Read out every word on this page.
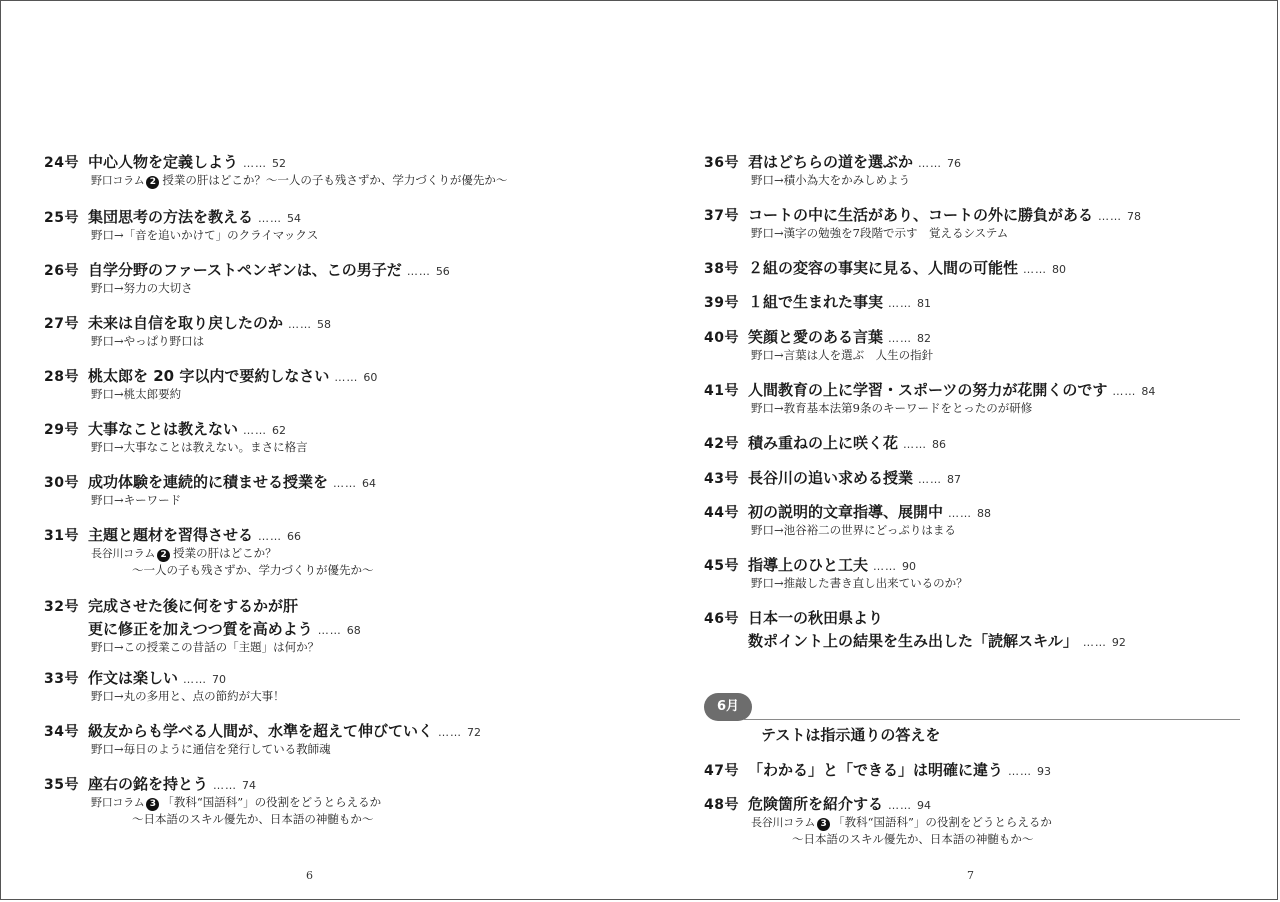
24号 中心人物を定義しよう …… 52
野口コラム 2 授業の肝はどこか？〜一人の子も残さずか、学力づくりが優先か〜
25号 集団思考の方法を教える …… 54
野口→「音を追いかけて」のクライマックス
26号 自学分野のファーストペンギンは、この男子だ …… 56
野口→努力の大切さ
27号 未来は自信を取り戻したのか …… 58
野口→やっぱり野口は
28号 桃太郎を 20 字以内で要約しなさい …… 60
野口→桃太郎要約
29号 大事なことは教えない …… 62
野口→大事なことは教えない。まさに格言
30号 成功体験を連続的に積ませる授業を …… 64
野口→キーワード
31号 主題と題材を習得させる …… 66
長谷川コラム 2 授業の肝はどこか？
〜一人の子も残さずか、学力づくりが優先か〜
32号 完成させた後に何をするかが肝
更に修正を加えつつ質を高めよう …… 68
野口→この授業この昔話の「主題」は何か？
33号 作文は楽しい …… 70
野口→丸の多用と、点の節約が大事！
34号 級友からも学べる人間が、水準を超えて伸びていく …… 72
野口→毎日のように通信を発行している教師魂
35号 座右の銘を持とう …… 74
野口コラム 3 「教科“国語科”」の役割をどうとらえるか
〜日本語のスキル優先か、日本語の神髄もか〜
6	7
36号 君はどちらの道を選ぶか …… 76
野口→積小為大をかみしめよう
37号 コートの中に生活があり、コートの外に勝負がある …… 78
野口→漢字の勉強を7段階で示す　覚えるシステム
38号 ２組の変容の事実に見る、人間の可能性 …… 80
39号 １組で生まれた事実 …… 81
40号 笑顔と愛のある言葉 …… 82
野口→言葉は人を選ぶ　人生の指針
41号 人間教育の上に学習・スポーツの努力が花開くのです …… 84
野口→教育基本法第9条のキーワードをとったのが研修
42号 積み重ねの上に咲く花 …… 86
43号 長谷川の追い求める授業 …… 87
44号 初の説明的文章指導、展開中 …… 88
野口→池谷裕二の世界にどっぷりはまる
45号 指導上のひと工夫 …… 90
野口→推敲した書き直し出来ているのか？
46号 日本一の秋田県より
数ポイント上の結果を生み出した「読解スキル」 …… 92
6月
テストは指示通りの答えを
47号 「わかる」と「できる」は明確に違う …… 93
48号 危険箇所を紹介する …… 94
長谷川コラム 3 「教科“国語科”」の役割をどうとらえるか
〜日本語のスキル優先か、日本語の神髄もか〜
